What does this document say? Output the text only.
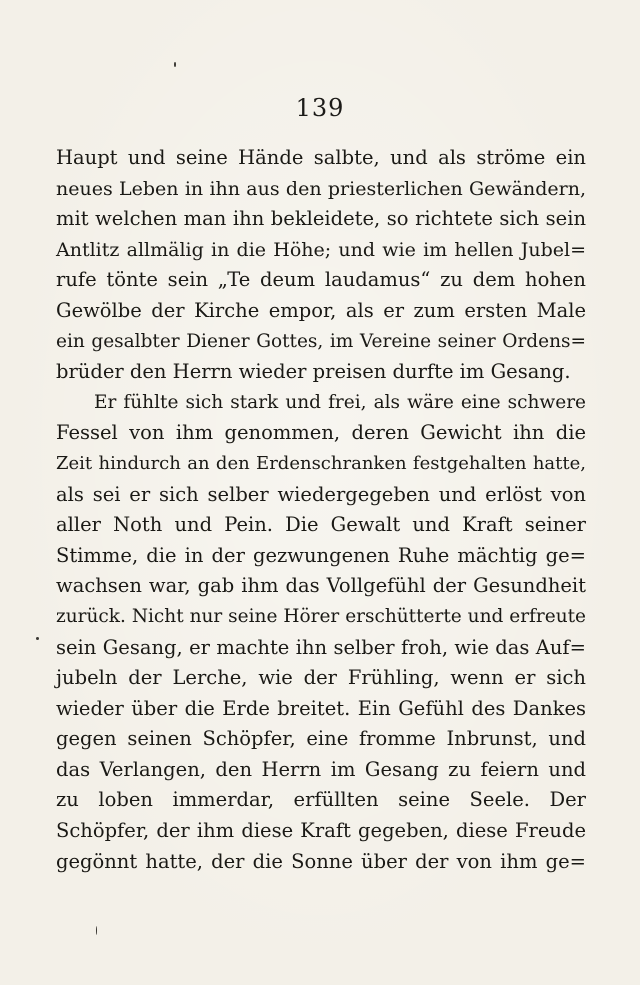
139
Haupt und seine Hände salbte, und als ströme ein
neues Leben in ihn aus den priesterlichen Gewändern,
mit welchen man ihn bekleidete, so richtete sich sein
Antlitz allmälig in die Höhe; und wie im hellen Jubel=
rufe tönte sein „Te deum laudamus“ zu dem hohen
Gewölbe der Kirche empor, als er zum ersten Male
ein gesalbter Diener Gottes, im Vereine seiner Ordens=
brüder den Herrn wieder preisen durfte im Gesang.
Er fühlte sich stark und frei, als wäre eine schwere
Fessel von ihm genommen, deren Gewicht ihn die
Zeit hindurch an den Erdenschranken festgehalten hatte,
als sei er sich selber wiedergegeben und erlöst von
aller Noth und Pein. Die Gewalt und Kraft seiner
Stimme, die in der gezwungenen Ruhe mächtig ge=
wachsen war, gab ihm das Vollgefühl der Gesundheit
zurück. Nicht nur seine Hörer erschütterte und erfreute
sein Gesang, er machte ihn selber froh, wie das Auf=
jubeln der Lerche, wie der Frühling, wenn er sich
wieder über die Erde breitet. Ein Gefühl des Dankes
gegen seinen Schöpfer, eine fromme Inbrunst, und
das Verlangen, den Herrn im Gesang zu feiern und
zu loben immerdar, erfüllten seine Seele. Der
Schöpfer, der ihm diese Kraft gegeben, diese Freude
gegönnt hatte, der die Sonne über der von ihm ge=
